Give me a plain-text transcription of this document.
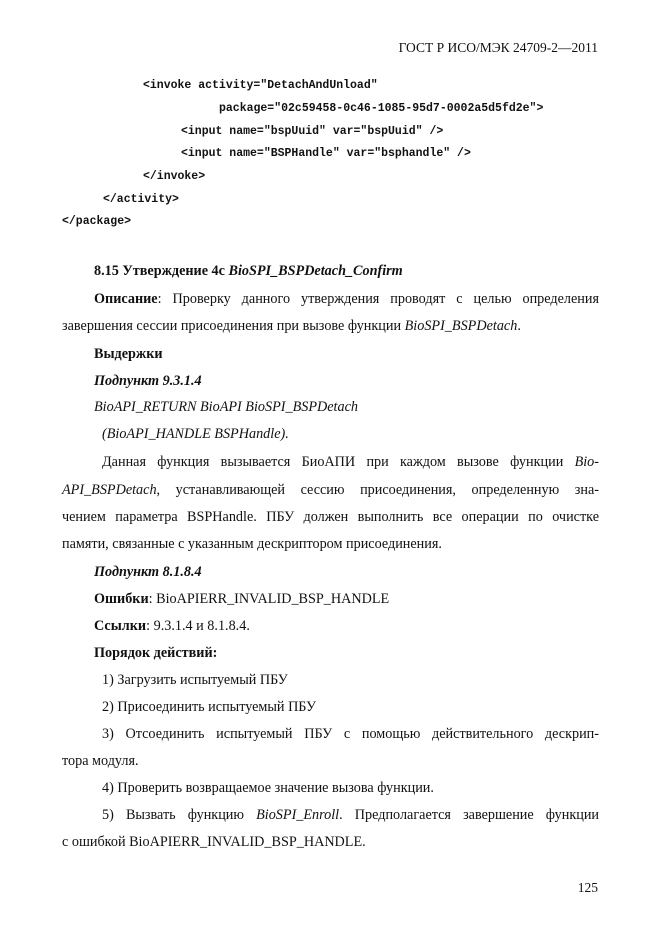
ГОСТ Р ИСО/МЭК 24709-2—2011
<invoke activity="DetachAndUnload"
package="02c59458-0c46-1085-95d7-0002a5d5fd2e">
<input name="bspUuid" var="bspUuid" />
<input name="BSPHandle" var="bsphandle" />
</invoke>
</activity>
</package>
8.15 Утверждение 4c BioSPI_BSPDetach_Confirm
Описание: Проверку данного утверждения проводят с целью определения
завершения сессии присоединения при вызове функции BioSPI_BSPDetach.
Выдержки
Подпункт 9.3.1.4
BioAPI_RETURN BioAPI BioSPI_BSPDetach
(BioAPI_HANDLE BSPHandle).
Данная функция вызывается БиоАПИ при каждом вызове функции Bio-
API_BSPDetach, устанавливающей сессию присоединения, определенную зна-
чением параметра BSPHandle. ПБУ должен выполнить все операции по очистке
памяти, связанные с указанным дескриптором присоединения.
Подпункт 8.1.8.4
Ошибки: BioAPIERR_INVALID_BSP_HANDLE
Ссылки: 9.3.1.4 и 8.1.8.4.
Порядок действий:
1) Загрузить испытуемый ПБУ
2) Присоединить испытуемый ПБУ
3) Отсоединить испытуемый ПБУ с помощью действительного дескрип-
тора модуля.
4) Проверить возвращаемое значение вызова функции.
5) Вызвать функцию BioSPI_Enroll. Предполагается завершение функции
с ошибкой BioAPIERR_INVALID_BSP_HANDLE.
125
